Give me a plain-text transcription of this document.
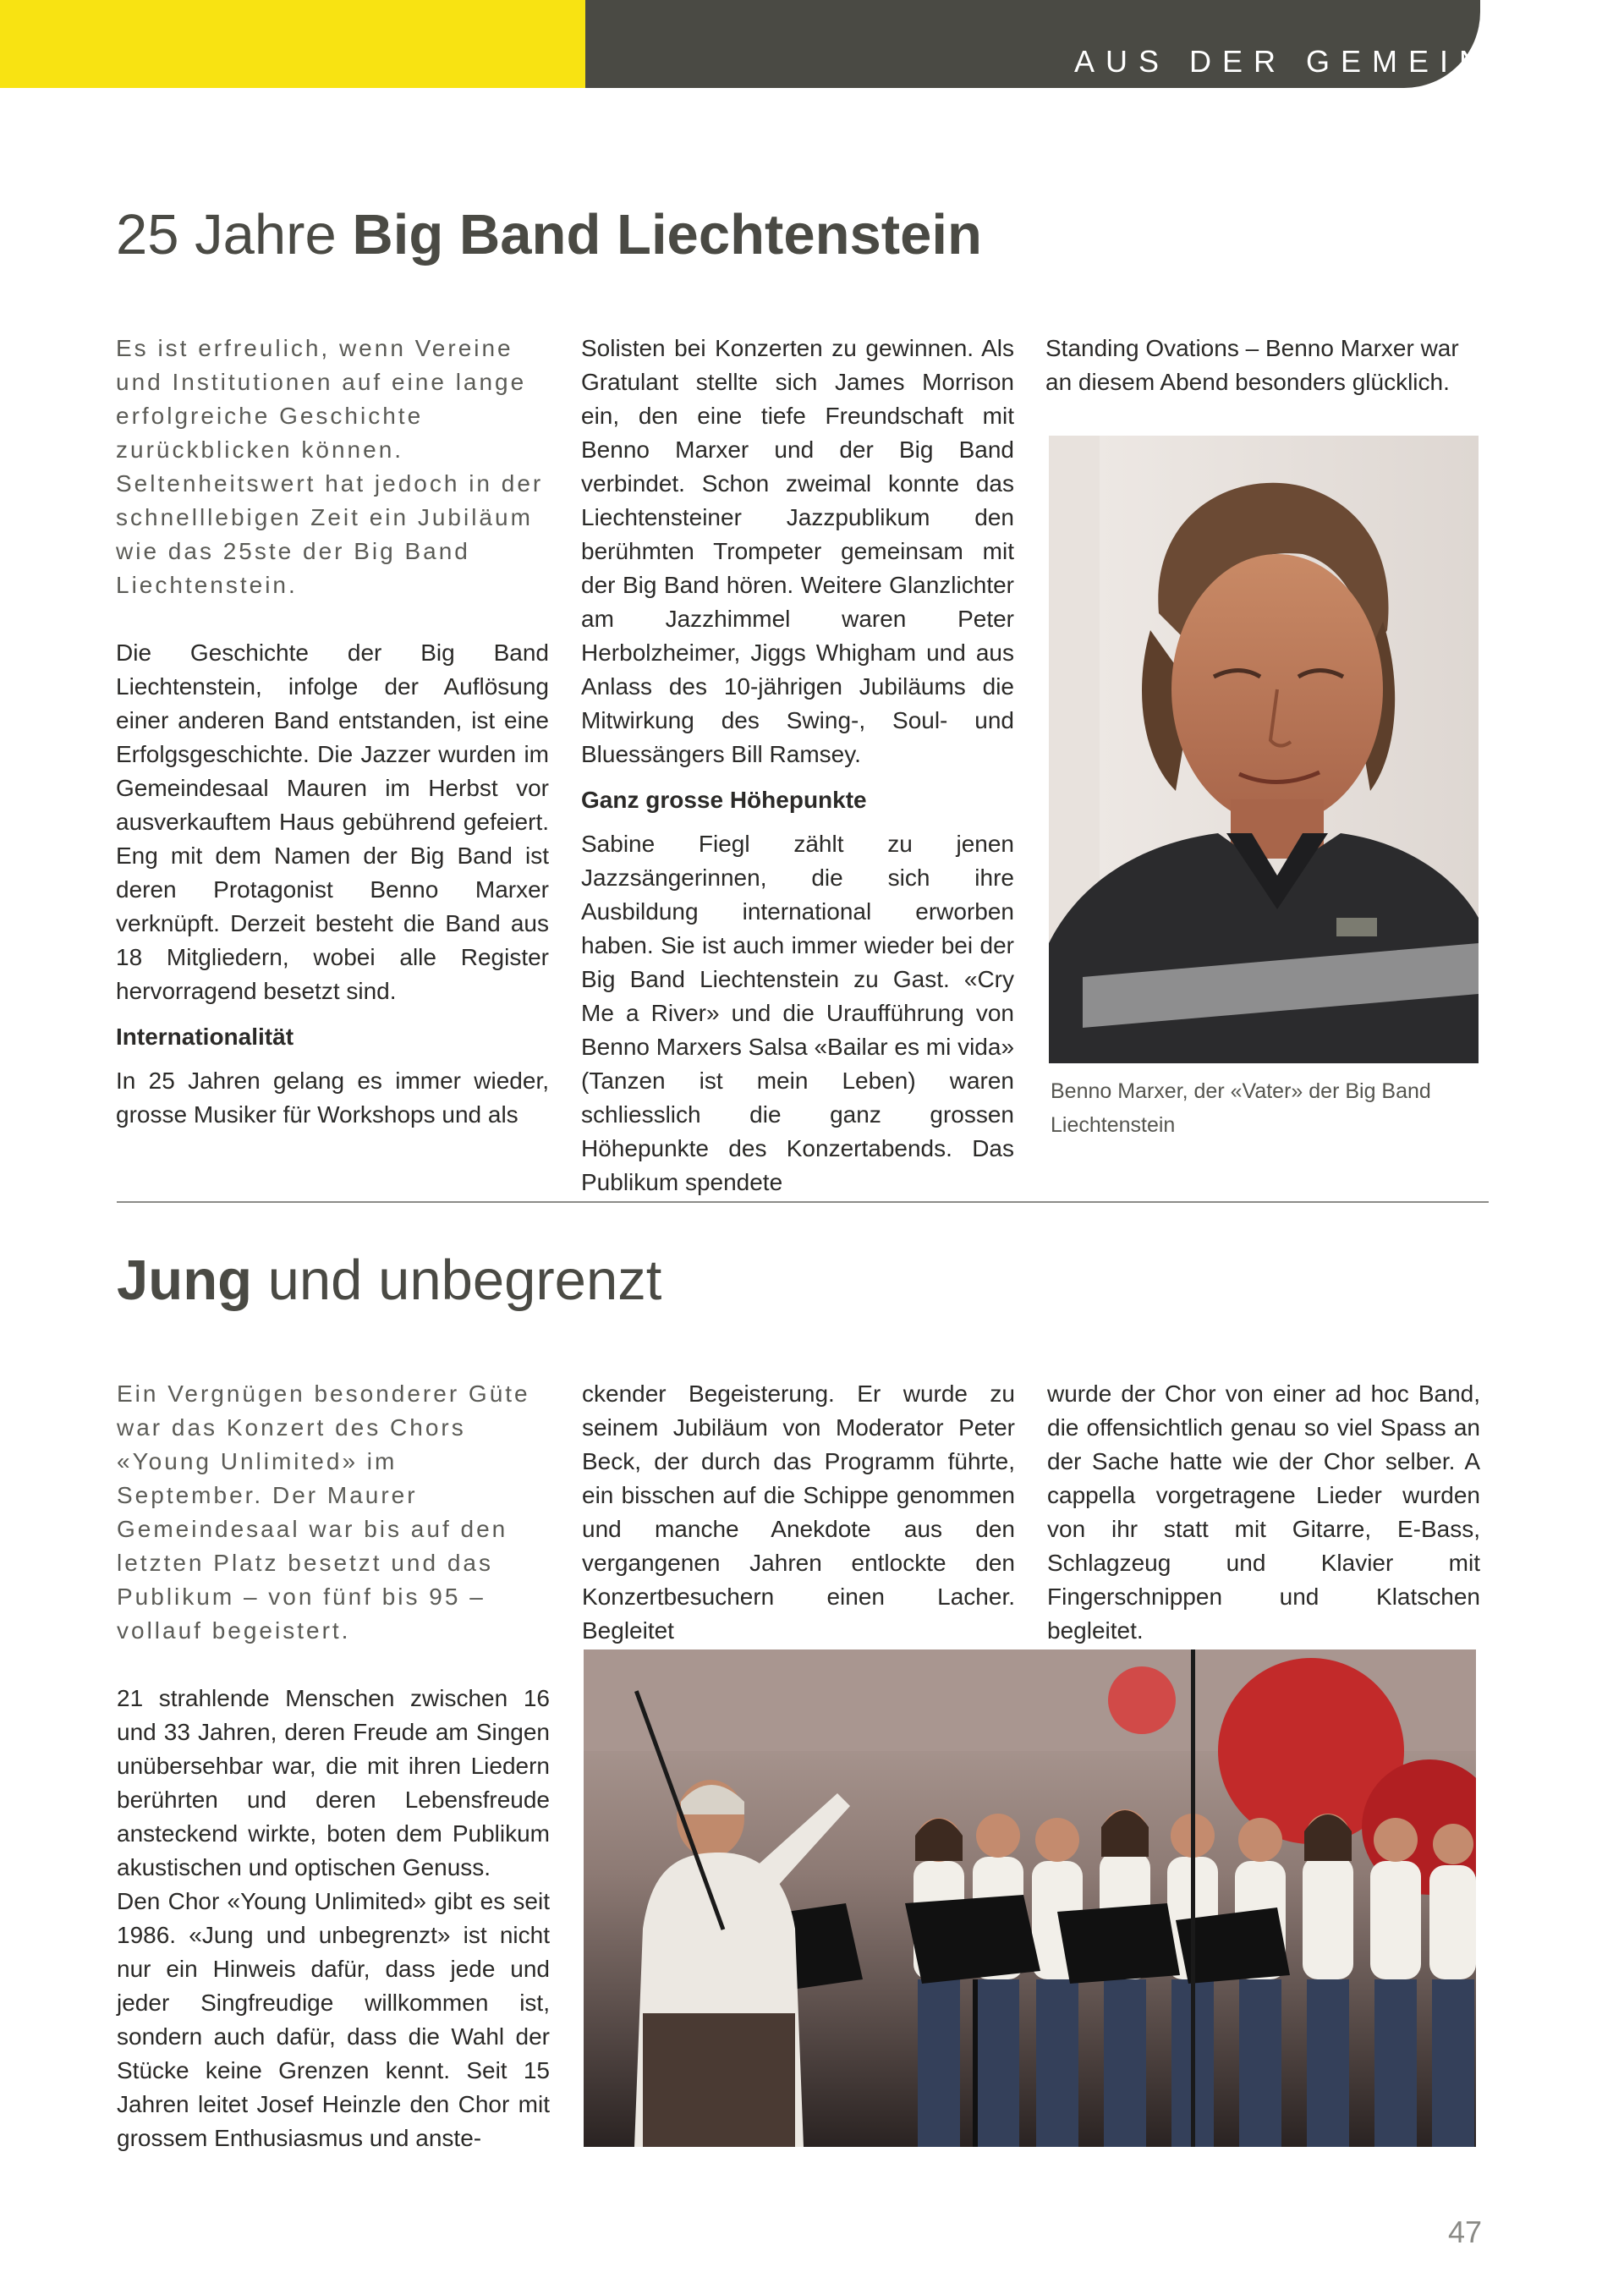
AUS DER GEMEINDE
25 Jahre Big Band Liechtenstein

Es ist erfreulich, wenn Vereine und Institutionen auf eine lange erfolgreiche Geschichte zurückblicken können. Seltenheitswert hat jedoch in der schnelllebigen Zeit ein Jubiläum wie das 25ste der Big Band Liechtenstein.

Die Geschichte der Big Band Liechtenstein, infolge der Auflösung einer anderen Band entstanden, ist eine Erfolgsgeschichte. Die Jazzer wurden im Gemeindesaal Mauren im Herbst vor ausverkauftem Haus gebührend gefeiert. Eng mit dem Namen der Big Band ist deren Protagonist Benno Marxer verknüpft. Derzeit besteht die Band aus 18 Mitgliedern, wobei alle Register hervorragend besetzt sind.

Internationalität

In 25 Jahren gelang es immer wieder, grosse Musiker für Workshops und als

Solisten bei Konzerten zu gewinnen. Als Gratulant stellte sich James Morrison ein, den eine tiefe Freundschaft mit Benno Marxer und der Big Band verbindet. Schon zweimal konnte das Liechtensteiner Jazzpublikum den berühmten Trompeter gemeinsam mit der Big Band hören. Weitere Glanzlichter am Jazzhimmel waren Peter Herbolzheimer, Jiggs Whigham und aus Anlass des 10-jährigen Jubiläums die Mitwirkung des Swing-, Soul- und Bluessängers Bill Ramsey.

Ganz grosse Höhepunkte

Sabine Fiegl zählt zu jenen Jazzsängerinnen, die sich ihre Ausbildung international erworben haben. Sie ist auch immer wieder bei der Big Band Liechtenstein zu Gast. «Cry Me a River» und die Uraufführung von Benno Marxers Salsa «Bailar es mi vida» (Tanzen ist mein Leben) waren schliesslich die ganz grossen Höhepunkte des Konzertabends. Das Publikum spendete

Standing Ovations – Benno Marxer war an diesem Abend besonders glücklich.

Benno Marxer, der «Vater» der Big Band Liechtenstein
Jung und unbegrenzt

Ein Vergnügen besonderer Güte war das Konzert des Chors «Young Unlimited» im September. Der Maurer Gemeindesaal war bis auf den letzten Platz besetzt und das Publikum – von fünf bis 95 – vollauf begeistert.

21 strahlende Menschen zwischen 16 und 33 Jahren, deren Freude am Singen unübersehbar war, die mit ihren Liedern berührten und deren Lebensfreude ansteckend wirkte, boten dem Publikum akustischen und optischen Genuss.

Den Chor «Young Unlimited» gibt es seit 1986. «Jung und unbegrenzt» ist nicht nur ein Hinweis dafür, dass jede und jeder Singfreudige willkommen ist, sondern auch dafür, dass die Wahl der Stücke keine Grenzen kennt. Seit 15 Jahren leitet Josef Heinzle den Chor mit grossem Enthusiasmus und anste-

ckender Begeisterung. Er wurde zu seinem Jubiläum von Moderator Peter Beck, der durch das Programm führte, ein bisschen auf die Schippe genommen und manche Anekdote aus den vergangenen Jahren entlockte den Konzertbesuchern einen Lacher. Begleitet

wurde der Chor von einer ad hoc Band, die offensichtlich genau so viel Spass an der Sache hatte wie der Chor selber. A cappella vorgetragene Lieder wurden von ihr statt mit Gitarre, E-Bass, Schlagzeug und Klavier mit Fingerschnippen und Klatschen begleitet.

47
